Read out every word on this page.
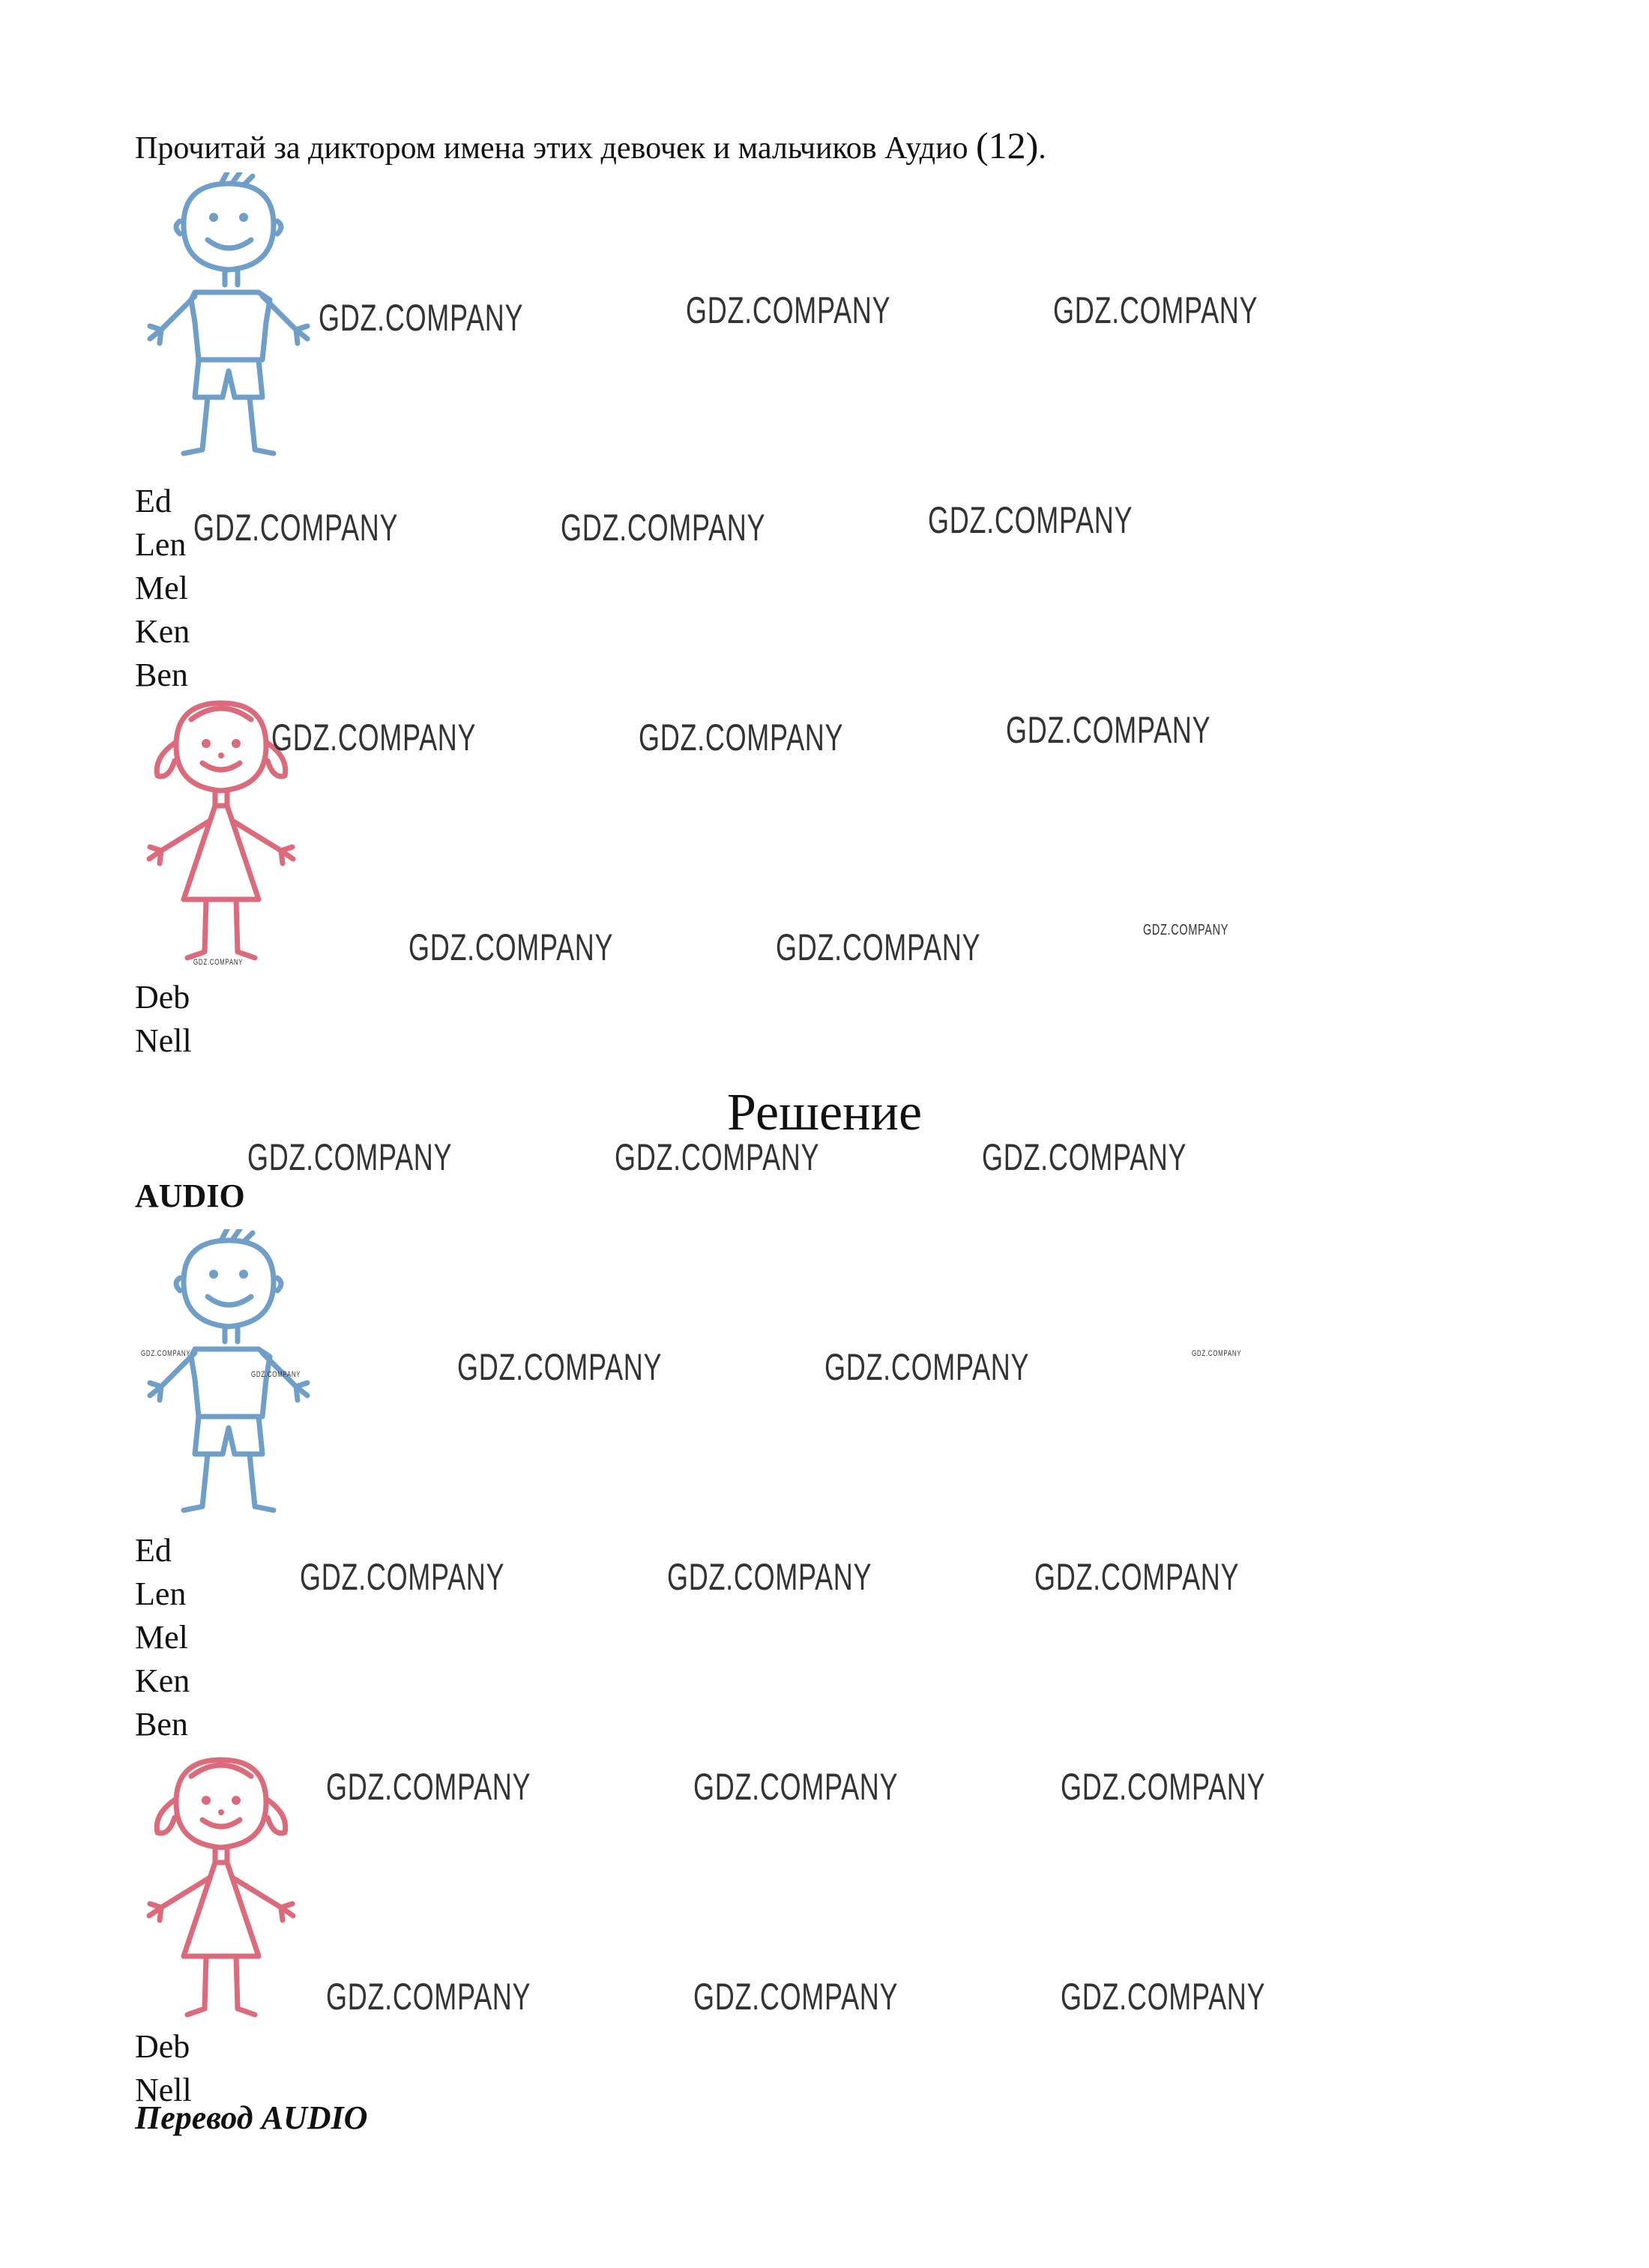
Прочитай за диктором имена этих девочек и мальчиков Аудио (12).
Ed
Len
Mel
Ken
Ben
Deb
Nell
Решение
AUDIO
Ed
Len
Mel
Ken
Ben
Deb
Nell
Перевод AUDIO
GDZ.COMPANY	GDZ.COMPANY	GDZ.COMPANY
GDZ.COMPANY	GDZ.COMPANY	GDZ.COMPANY
GDZ.COMPANY	GDZ.COMPANY	GDZ.COMPANY
GDZ.COMPANY	GDZ.COMPANY	GDZ.COMPANY
GDZ.COMPANY
GDZ.COMPANY	GDZ.COMPANY	GDZ.COMPANY
GDZ.COMPANY
GDZ.COMPANY	GDZ.COMPANY	GDZ.COMPANY	GDZ.COMPANY
GDZ.COMPANY	GDZ.COMPANY	GDZ.COMPANY
GDZ.COMPANY	GDZ.COMPANY	GDZ.COMPANY
GDZ.COMPANY	GDZ.COMPANY	GDZ.COMPANY
